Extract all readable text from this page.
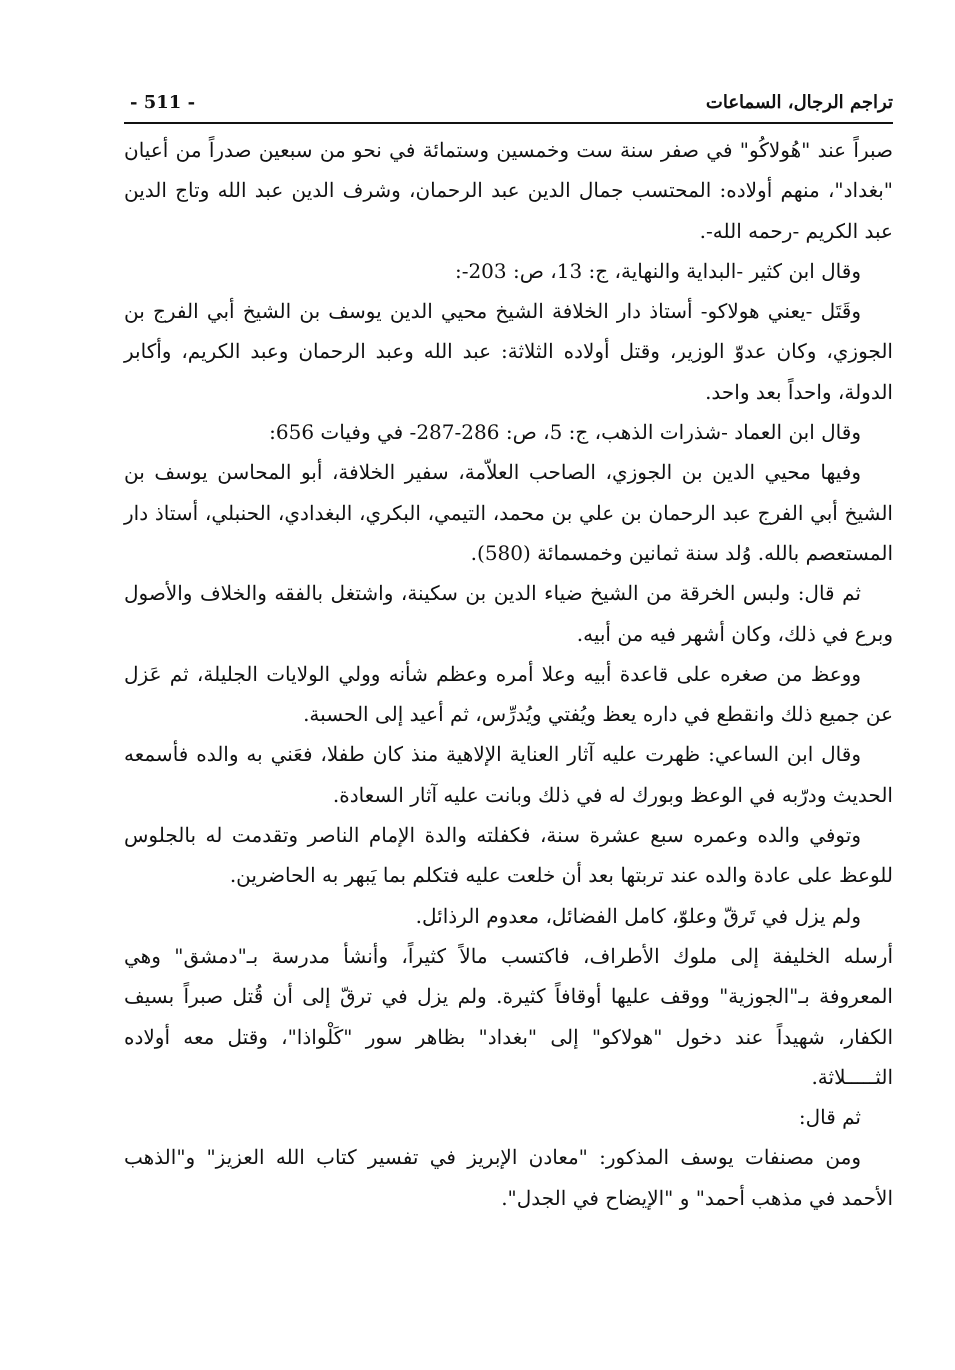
تراجم الرجال، السماعات
- 511 -

صبراً عند "هُولاكُو" في صفر سنة ست وخمسين وستمائة في نحو من سبعين صدراً من أعيان "بغداد"، منهم أولاده: المحتسب جمال الدين عبد الرحمان، وشرف الدين عبد الله وتاج الدين عبد الكريم -رحمه الله-.

وقال ابن كثير -البداية والنهاية، ج: 13، ص: 203-:

وقَتَل -يعني هولاكو- أستاذ دار الخلافة الشيخ محيي الدين يوسف بن الشيخ أبي الفرج بن الجوزي، وكان عدوّ الوزير، وقتل أولاده الثلاثة: عبد الله وعبد الرحمان وعبد الكريم، وأكابر الدولة، واحداً بعد واحد.

وقال ابن العماد -شذرات الذهب، ج: 5، ص: 286-287- في وفيات 656:

وفيها محيي الدين بن الجوزي، الصاحب العلاّمة، سفير الخلافة، أبو المحاسن يوسف بن الشيخ أبي الفرج عبد الرحمان بن علي بن محمد، التيمي، البكري، البغدادي، الحنبلي، أستاذ دار المستعصم بالله. وُلد سنة ثمانين وخمسمائة (580).

ثم قال: ولبس الخرقة من الشيخ ضياء الدين بن سكينة، واشتغل بالفقه والخلاف والأصول وبرع في ذلك، وكان أشهر فيه من أبيه.

ووعظ من صغره على قاعدة أبيه وعلا أمره وعظم شأنه وولي الولايات الجليلة، ثم عَزل عن جميع ذلك وانقطع في داره يعظ ويُفتي ويُدرِّس، ثم أعيد إلى الحسبة.

وقال ابن الساعي: ظهرت عليه آثار العناية الإلاهية منذ كان طفلا، فعَني به والده فأسمعه الحديث ودرّبه في الوعظ وبورك له في ذلك وبانت عليه آثار السعادة.

وتوفي والده وعمره سبع عشرة سنة، فكفلته والدة الإمام الناصر وتقدمت له بالجلوس للوعظ على عادة والده عند تربتها بعد أن خلعت عليه فتكلم بما يَبهر به الحاضرين.

ولم يزل في تَرقّ وعلوّ، كامل الفضائل، معدوم الرذائل.

أرسله الخليفة إلى ملوك الأطراف، فاكتسب مالاً كثيراً، وأنشأ مدرسة بـ"دمشق" وهي المعروفة بـ"الجوزية" ووقف عليها أوقافاً كثيرة. ولم يزل في ترقّ إلى أن قُتل صبراً بسيف الكفار، شهيداً عند دخول "هولاكو" إلى "بغداد" بظاهر سور "كَلْواذا"، وقتل معه أولاده الثـــــلاثة.

ثم قال:

ومن مصنفات يوسف المذكور: "معادن الإبريز في تفسير كتاب الله العزيز" و"الذهب الأحمد في مذهب أحمد" و "الإيضاح في الجدل".
